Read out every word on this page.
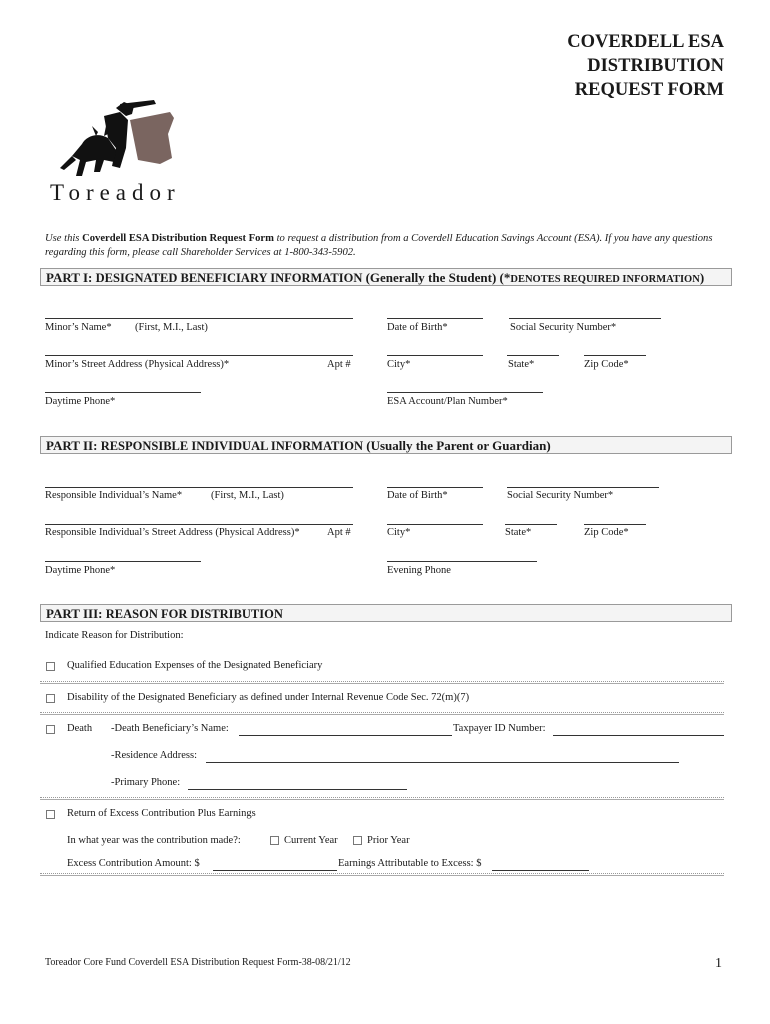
COVERDELL ESA
DISTRIBUTION
REQUEST FORM
Toreador
Use this Coverdell ESA Distribution Request Form to request a distribution from a Coverdell Education Savings Account (ESA). If you have any questions regarding this form, please call Shareholder Services at 1-800-343-5902.
PART I: DESIGNATED BENEFICIARY INFORMATION (Generally the Student) (*DENOTES REQUIRED INFORMATION)
Minor’s Name* (First, M.I., Last)	Date of Birth*	Social Security Number*
Minor’s Street Address (Physical Address)*	Apt #	City*	State*	Zip Code*
Daytime Phone*	ESA Account/Plan Number*
PART II: RESPONSIBLE INDIVIDUAL INFORMATION (Usually the Parent or Guardian)
Responsible Individual’s Name*	(First, M.I., Last)	Date of Birth*	Social Security Number*
Responsible Individual’s Street Address (Physical Address)*	Apt #	City*	State*	Zip Code*
Daytime Phone*	Evening Phone
PART III: REASON FOR DISTRIBUTION
Indicate Reason for Distribution:
Qualified Education Expenses of the Designated Beneficiary
Disability of the Designated Beneficiary as defined under Internal Revenue Code Sec. 72(m)(7)
Death -Death Beneficiary’s Name:	Taxpayer ID Number:
-Residence Address:
-Primary Phone:
Return of Excess Contribution Plus Earnings
In what year was the contribution made?:	Current Year	Prior Year
Excess Contribution Amount: $	Earnings Attributable to Excess: $
Toreador Core Fund Coverdell ESA Distribution Request Form-38-08/21/12	1
